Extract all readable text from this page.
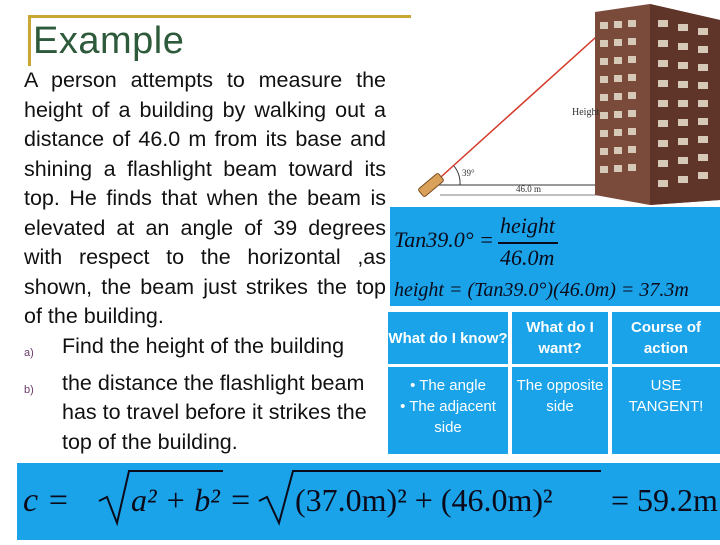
Example
A person attempts to measure the height of a building by walking out a distance of 46.0 m from its base and shining a flashlight beam toward its top. He finds that when the beam is elevated at an angle of 39 degrees with respect to the horizontal ,as shown, the beam just strikes the top of the building.
a)	Find the height of the building
b)	the distance the flashlight beam has to travel before it strikes the top of the building.
Height
39°
46.0 m
Tan39.0° =
height
46.0m
height = (Tan39.0°)(46.0m) = 37.3m
What do I know?
• The angle
• The adjacent side
What do I want?
The opposite side
Course of action
USE TANGENT!
c = a² + b² = (37.0m)² + (46.0m)² = 59.2m
